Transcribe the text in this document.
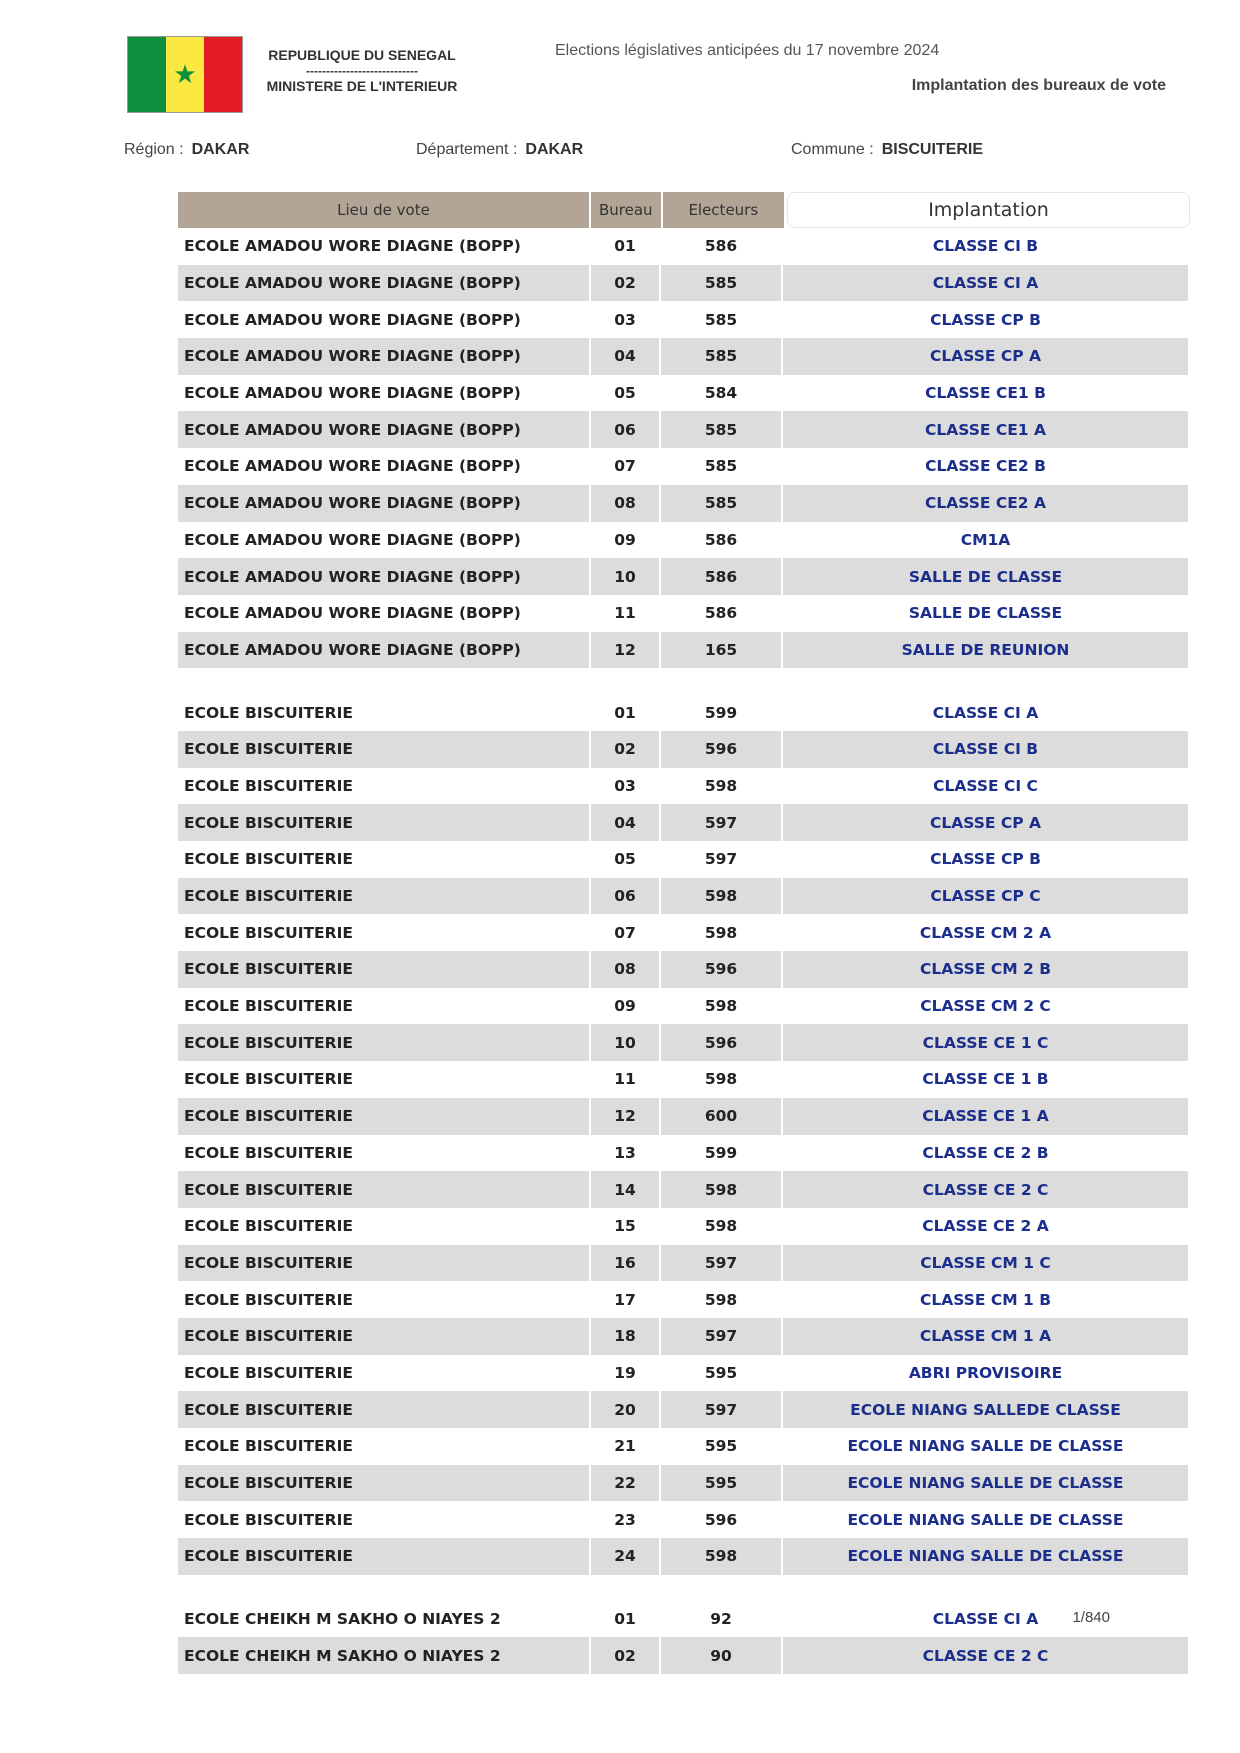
★
REPUBLIQUE DU SENEGAL
----------------------------
MINISTERE DE L'INTERIEUR
Elections législatives anticipées du 17 novembre 2024
Implantation des bureaux de vote
Région : DAKAR	Département : DAKAR	Commune : BISCUITERIE
Lieu de vote	Bureau	Electeurs	Implantation
ECOLE AMADOU WORE DIAGNE (BOPP)	01	586	CLASSE CI B
ECOLE AMADOU WORE DIAGNE (BOPP)	02	585	CLASSE CI A
ECOLE AMADOU WORE DIAGNE (BOPP)	03	585	CLASSE CP B
ECOLE AMADOU WORE DIAGNE (BOPP)	04	585	CLASSE CP A
ECOLE AMADOU WORE DIAGNE (BOPP)	05	584	CLASSE CE1 B
ECOLE AMADOU WORE DIAGNE (BOPP)	06	585	CLASSE CE1 A
ECOLE AMADOU WORE DIAGNE (BOPP)	07	585	CLASSE CE2 B
ECOLE AMADOU WORE DIAGNE (BOPP)	08	585	CLASSE CE2 A
ECOLE AMADOU WORE DIAGNE (BOPP)	09	586	CM1A
ECOLE AMADOU WORE DIAGNE (BOPP)	10	586	SALLE DE CLASSE
ECOLE AMADOU WORE DIAGNE (BOPP)	11	586	SALLE DE CLASSE
ECOLE AMADOU WORE DIAGNE (BOPP)	12	165	SALLE DE REUNION
ECOLE BISCUITERIE	01	599	CLASSE CI A
ECOLE BISCUITERIE	02	596	CLASSE CI B
ECOLE BISCUITERIE	03	598	CLASSE CI C
ECOLE BISCUITERIE	04	597	CLASSE CP A
ECOLE BISCUITERIE	05	597	CLASSE CP B
ECOLE BISCUITERIE	06	598	CLASSE CP C
ECOLE BISCUITERIE	07	598	CLASSE CM 2 A
ECOLE BISCUITERIE	08	596	CLASSE CM 2 B
ECOLE BISCUITERIE	09	598	CLASSE CM 2 C
ECOLE BISCUITERIE	10	596	CLASSE CE 1 C
ECOLE BISCUITERIE	11	598	CLASSE CE 1 B
ECOLE BISCUITERIE	12	600	CLASSE CE 1 A
ECOLE BISCUITERIE	13	599	CLASSE CE 2 B
ECOLE BISCUITERIE	14	598	CLASSE CE 2 C
ECOLE BISCUITERIE	15	598	CLASSE CE 2 A
ECOLE BISCUITERIE	16	597	CLASSE CM 1 C
ECOLE BISCUITERIE	17	598	CLASSE CM 1 B
ECOLE BISCUITERIE	18	597	CLASSE CM 1 A
ECOLE BISCUITERIE	19	595	ABRI PROVISOIRE
ECOLE BISCUITERIE	20	597	ECOLE NIANG SALLEDE CLASSE
ECOLE BISCUITERIE	21	595	ECOLE NIANG SALLE DE CLASSE
ECOLE BISCUITERIE	22	595	ECOLE NIANG SALLE DE CLASSE
ECOLE BISCUITERIE	23	596	ECOLE NIANG SALLE DE CLASSE
ECOLE BISCUITERIE	24	598	ECOLE NIANG SALLE DE CLASSE
ECOLE CHEIKH M SAKHO O NIAYES 2	01	92	CLASSE CI A
ECOLE CHEIKH M SAKHO O NIAYES 2	02	90	CLASSE CE 2 C
1/840
